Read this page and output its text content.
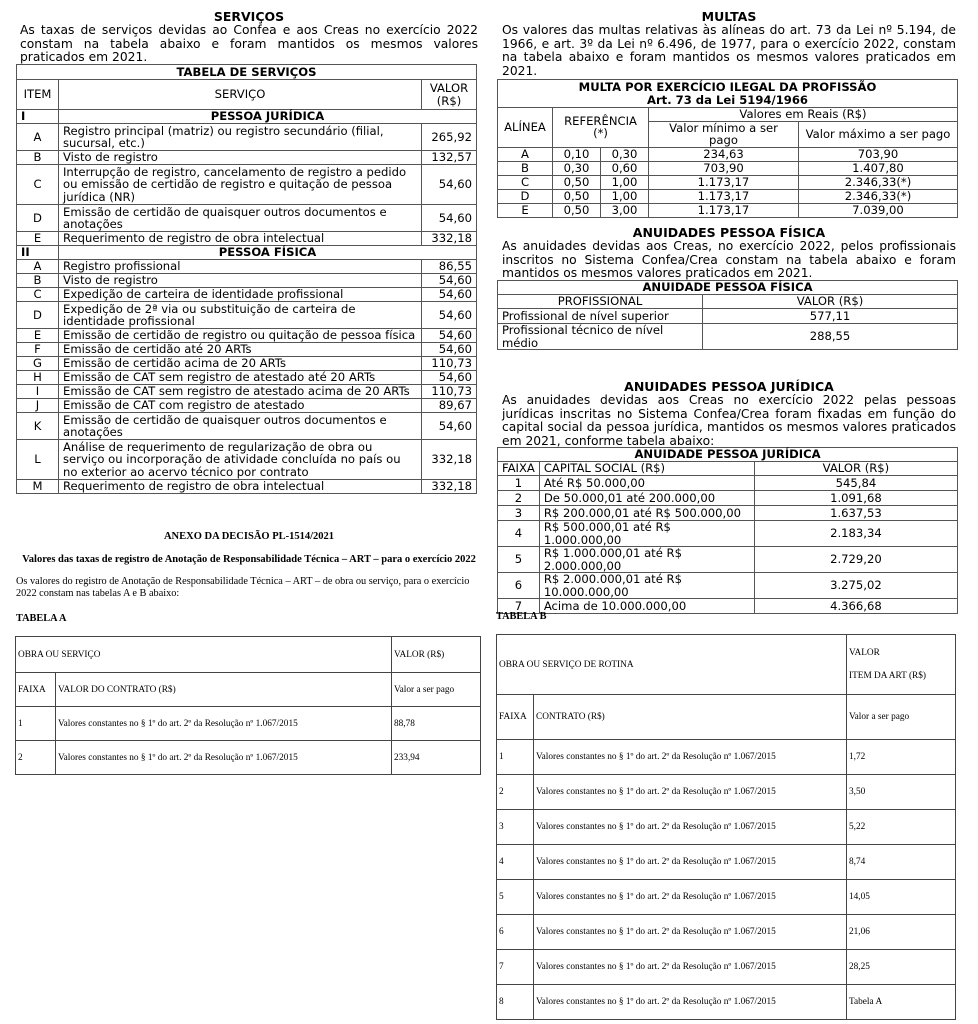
SERVIÇOS

As taxas de serviços devidas ao Confea e aos Creas no exercício 2022 constam na tabela abaixo e foram mantidos os mesmos valores praticados em 2021.

TABELA DE SERVIÇOS		
ITEM	SERVIÇO	VALOR (R$)
I	PESSOA JURÍDICA	
A	Registro principal (matriz) ou registro secundário (filial, sucursal, etc.)	265,92
B	Visto de registro	132,57
C	Interrupção de registro, cancelamento de registro a pedido ou emissão de certidão de registro e quitação de pessoa jurídica (NR)	54,60
D	Emissão de certidão de quaisquer outros documentos e anotações	54,60
E	Requerimento de registro de obra intelectual	332,18
II	PESSOA FÍSICA	
A	Registro profissional	86,55
B	Visto de registro	54,60
C	Expedição de carteira de identidade profissional	54,60
D	Expedição de 2ª via ou substituição de carteira de identidade profissional	54,60
E	Emissão de certidão de registro ou quitação de pessoa física	54,60
F	Emissão de certidão até 20 ARTs	54,60
G	Emissão de certidão acima de 20 ARTs	110,73
H	Emissão de CAT sem registro de atestado até 20 ARTs	54,60
I	Emissão de CAT sem registro de atestado acima de 20 ARTs	110,73
J	Emissão de CAT com registro de atestado	89,67
K	Emissão de certidão de quaisquer outros documentos e anotações	54,60
L	Análise de requerimento de regularização de obra ou serviço ou incorporação de atividade concluída no país ou no exterior ao acervo técnico por contrato	332,18
M	Requerimento de registro de obra intelectual	332,18

MULTAS

Os valores das multas relativas às alíneas do art. 73 da Lei nº 5.194, de 1966, e art. 3º da Lei nº 6.496, de 1977, para o exercício 2022, constam na tabela abaixo e foram mantidos os mesmos valores praticados em 2021.

MULTA POR EXERCÍCIO ILEGAL DA PROFISSÃO
Art. 73 da Lei 5194/1966				

ALÍNEA	REFERÊNCIA (*)		Valores em Reais (R$)	
			Valor mínimo a ser pago	Valor máximo a ser pago
A	0,10	0,30	234,63	703,90
B	0,30	0,60	703,90	1.407,80
C	0,50	1,00	1.173,17	2.346,33(*)
D	0,50	1,00	1.173,17	2.346,33(*)
E	0,50	3,00	1.173,17	7.039,00

ANUIDADES PESSOA FÍSICA

As anuidades devidas aos Creas, no exercício 2022, pelos profissionais inscritos no Sistema Confea/Crea constam na tabela abaixo e foram mantidos os mesmos valores praticados em 2021.

ANUIDADE PESSOA FÍSICA	
PROFISSIONAL	VALOR (R$)
Profissional de nível superior	577,11
Profissional técnico de nível médio	288,55

ANUIDADES PESSOA JURÍDICA

As anuidades devidas aos Creas no exercício 2022 pelas pessoas jurídicas inscritas no Sistema Confea/Crea foram fixadas em função do capital social da pessoa jurídica, mantidos os mesmos valores praticados em 2021, conforme tabela abaixo:

ANUIDADE PESSOA JURÍDICA		
FAIXA	CAPITAL SOCIAL (R$)	VALOR (R$)
1	Até R$ 50.000,00	545,84
2	De 50.000,01 até 200.000,00	1.091,68
3	R$ 200.000,01 até R$ 500.000,00	1.637,53
4	R$ 500.000,01 até R$ 1.000.000,00	2.183,34
5	R$ 1.000.000,01 até R$ 2.000.000,00	2.729,20
6	R$ 2.000.000,01 até R$ 10.000.000,00	3.275,02
7	Acima de 10.000.000,00	4.366,68
ANEXO DA DECISÃO PL-1514/2021
Valores das taxas de registro de Anotação de Responsabilidade Técnica – ART – para o exercício 2022
Os valores do registro de Anotação de Responsabilidade Técnica – ART – de obra ou serviço, para o exercício 2022 constam nas tabelas A e B abaixo:
TABELA A
OBRA OU SERVIÇO		VALOR (R$)
FAIXA	VALOR DO CONTRATO (R$)	Valor a ser pago
1	Valores constantes no § 1º do art. 2º da Resolução nº 1.067/2015	88,78
2	Valores constantes no § 1º do art. 2º da Resolução nº 1.067/2015	233,94
TABELA B
OBRA OU SERVIÇO DE ROTINA		VALOR
ITEM DA ART (R$)

FAIXA	CONTRATO (R$)	Valor a ser pago
1	Valores constantes no § 1º do art. 2º da Resolução nº 1.067/2015	1,72
2	Valores constantes no § 1º do art. 2º da Resolução nº 1.067/2015	3,50
3	Valores constantes no § 1º do art. 2º da Resolução nº 1.067/2015	5,22
4	Valores constantes no § 1º do art. 2º da Resolução nº 1.067/2015	8,74
5	Valores constantes no § 1º do art. 2º da Resolução nº 1.067/2015	14,05
6	Valores constantes no § 1º do art. 2º da Resolução nº 1.067/2015	21,06
7	Valores constantes no § 1º do art. 2º da Resolução nº 1.067/2015	28,25
8	Valores constantes no § 1º do art. 2º da Resolução nº 1.067/2015	Tabela A
